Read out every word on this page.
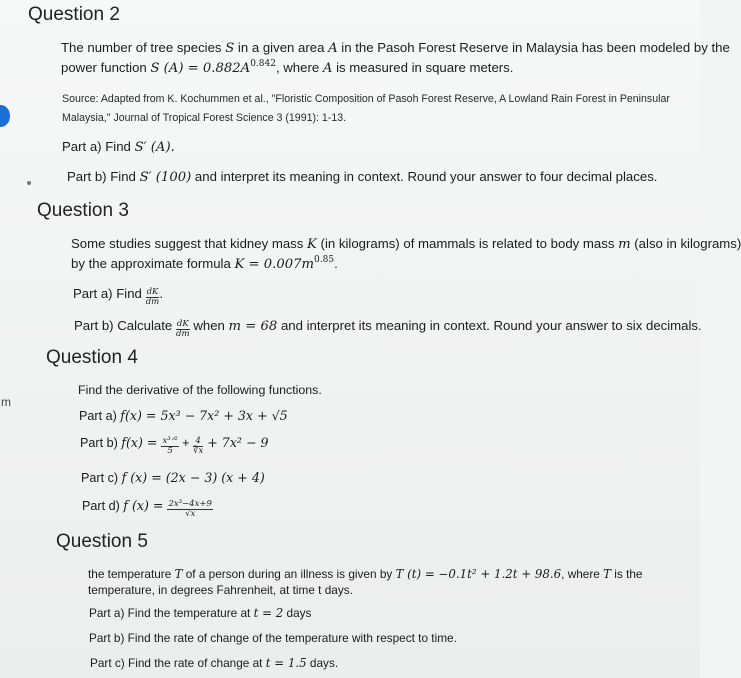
m
Question 2
The number of tree species S in a given area A in the Pasoh Forest Reserve in Malaysia has been modeled by the
power function S $(A) = 0.882A^{0.842}$, where A is measured in square meters.
Source: Adapted from K. Kochummen et al., "Floristic Composition of Pasoh Forest Reserve, A Lowland Rain Forest in Peninsular
Malaysia," Journal of Tropical Forest Science 3 (1991): 1-13.
Part a) Find S′ (A).
Part b) Find S′ (100) and interpret its meaning in context. Round your answer to four decimal places.
Question 3
Some studies suggest that kidney mass K (in kilograms) of mammals is related to body mass m (also in kilograms)
by the approximate formula $K = 0.007m^{0.85}$.
Part a) Find $\frac{dK}{dm}$ .
Part b) Calculate $\frac{dK}{dm}$ when m = 68 and interpret its meaning in context. Round your answer to six decimals.
Question 4
Find the derivative of the following functions.
Part a) f(x) = 5x³ − 7x² + 3x + √5
Part b) $f(x) = \frac{\text{x³ᐟ²}}{5} + \frac{4}{∛x} + 7x^2 - 9$
Part c) f (x) = (2x − 3) (x + 4)
Part d) f $(x) = \frac{\text{2x³−4x+9}}{√x}$
Question 5
the temperature T of a person during an illness is given by T (t) = −0.1t² + 1.2t + 98.6, where T is the
temperature, in degrees Fahrenheit, at time t days.
Part a) Find the temperature at t = 2 days
Part b) Find the rate of change of the temperature with respect to time.
Part c) Find the rate of change at t = 1.5 days.
